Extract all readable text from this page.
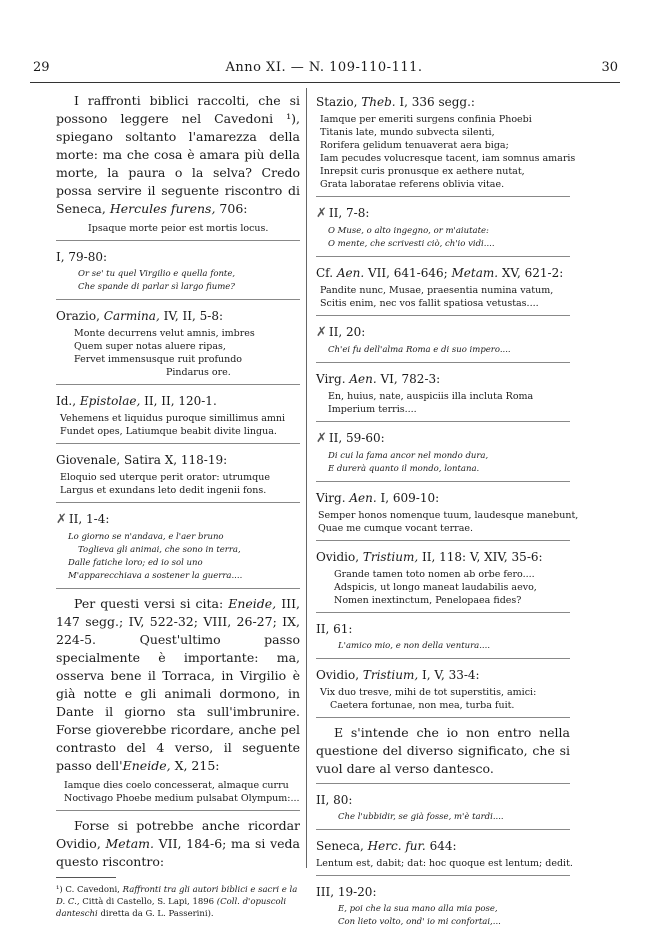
29	Anno XI. — N. 109-110-111.	30

I raffronti biblici raccolti, che si possono leggere nel Cavedoni ¹), spiegano soltanto l'amarezza della morte: ma che cosa è amara più della morte, la paura o la selva? Credo possa servire il seguente riscontro di Seneca, Hercules furens, 706:

Ipsaque morte peior est mortis locus.
I, 79-80:
Or se' tu quel Virgilio e quella fonte,
Che spande di parlar sì largo fiume?
Orazio, Carmina, IV, II, 5-8:
Monte decurrens velut amnis, imbres
Quem super notas aluere ripas,
Fervet immensusque ruit profundo
Pindarus ore.
Id., Epistolae, II, II, 120-1.
Vehemens et liquidus puroque simillimus amni
Fundet opes, Latiumque beabit divite lingua.
Giovenale, Satira X, 118-19:
Eloquio sed uterque perit orator: utrumque
Largus et exundans leto dedit ingenii fons.
✗ II, 1-4:
Lo giorno se n'andava, e l'aer bruno
Toglieva gli animai, che sono in terra,
Dalle fatiche loro; ed io sol uno
M'apparecchiava a sostener la guerra....

Per questi versi si cita: Eneide, III, 147 segg.; IV, 522-32; VIII, 26-27; IX, 224-5. Quest'ultimo passo specialmente è importante: ma, osserva bene il Torraca, in Virgilio è già notte e gli animali dormono, in Dante il giorno sta sull'imbrunire. Forse gioverebbe ricordare, anche pel contrasto del 4 verso, il seguente passo dell'Eneide, X, 215:

Iamque dies coelo concesserat, almaque curru
Noctivago Phoebe medium pulsabat Olympum:...

Forse si potrebbe anche ricordar Ovidio, Metam. VII, 184-6; ma si veda questo riscontro:

¹) C. Cavedoni, Raffronti tra gli autori biblici e sacri e la D. C., Città di Castello, S. Lapi, 1896 (Coll. d'opuscoli danteschi diretta da G. L. Passerini).

Stazio, Theb. I, 336 segg.:
Iamque per emeriti surgens confinia Phoebi
Titanis late, mundo subvecta silenti,
Rorifera gelidum tenuaverat aera biga;
Iam pecudes volucresque tacent, iam somnus amaris
Inrepsit curis pronusque ex aethere nutat,
Grata laboratae referens oblivia vitae.
✗ II, 7-8:
O Muse, o alto ingegno, or m'aiutate:
O mente, che scrivesti ciò, ch'io vidi....
Cf. Aen. VII, 641-646; Metam. XV, 621-2:
Pandite nunc, Musae, praesentia numina vatum,
Scitis enim, nec vos fallit spatiosa vetustas....
✗ II, 20:
Ch'ei fu dell'alma Roma e di suo impero....
Virg. Aen. VI, 782-3:
En, huius, nate, auspiciis illa incluta Roma
Imperium terris....
✗ II, 59-60:
Di cui la fama ancor nel mondo dura,
E durerà quanto il mondo, lontana.
Virg. Aen. I, 609-10:
Semper honos nomenque tuum, laudesque manebunt,
Quae me cumque vocant terrae.
Ovidio, Tristium, II, 118: V, XIV, 35-6:
Grande tamen toto nomen ab orbe fero....
Adspicis, ut longo maneat laudabilis aevo,
Nomen inextinctum, Penelopaea fides?
II, 61:
L'amico mio, e non della ventura....
Ovidio, Tristium, I, V, 33-4:
Vix duo tresve, mihi de tot superstitis, amici:
Caetera fortunae, non mea, turba fuit.

E s'intende che io non entro nella questione del diverso significato, che si vuol dare al verso dantesco.

II, 80:
Che l'ubbidir, se già fosse, m'è tardi....
Seneca, Herc. fur. 644:
Lentum est, dabit; dat: hoc quoque est lentum; dedit.
III, 19-20:
E, poi che la sua mano alla mia pose,
Con lieto volto, ond' io mi confortai,...
